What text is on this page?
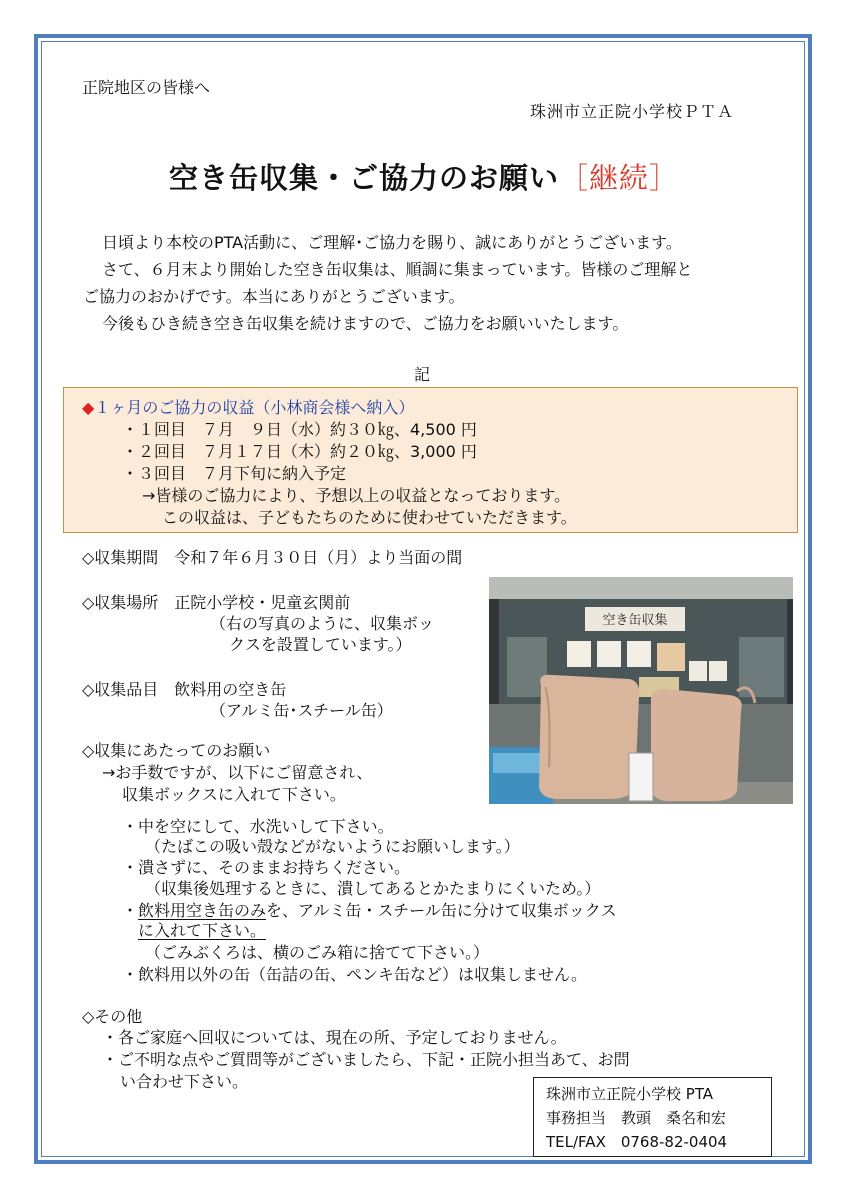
正院地区の皆様へ
珠洲市立正院小学校ＰＴＡ
空き缶収集・ご協力のお願い［継続］
日頃より本校のPTA活動に、ご理解･ご協力を賜り、誠にありがとうございます。
さて、６月末より開始した空き缶収集は、順調に集まっています。皆様のご理解と
ご協力のおかげです。本当にありがとうございます。
今後もひき続き空き缶収集を続けますので、ご協力をお願いいたします。
記
◆１ヶ月のご協力の収益（小林商会様へ納入）
・１回目　７月　９日（水）約３０㎏、4,500 円
・２回目　７月１７日（木）約２０㎏、3,000 円
・３回目　７月下旬に納入予定
→皆様のご協力により、予想以上の収益となっております。
この収益は、子どもたちのために使わせていただきます。
◇収集期間　令和７年６月３０日（月）より当面の間
◇収集場所　正院小学校・児童玄関前
（右の写真のように、収集ボッ
クスを設置しています。）
◇収集品目　飲料用の空き缶
（アルミ缶･スチール缶）
◇収集にあたってのお願い
→お手数ですが、以下にご留意され、
収集ボックスに入れて下さい。
・中を空にして、水洗いして下さい。
（たばこの吸い殻などがないようにお願いします。）
・潰さずに、そのままお持ちください。
（収集後処理するときに、潰してあるとかたまりにくいため。）
・飲料用空き缶のみを、アルミ缶・スチール缶に分けて収集ボックス
に入れて下さい。
（ごみぶくろは、横のごみ箱に捨てて下さい。）
・飲料用以外の缶（缶詰の缶、ペンキ缶など）は収集しません。
◇その他
・各ご家庭へ回収については、現在の所、予定しておりません。
・ご不明な点やご質問等がございましたら、下記・正院小担当あて、お問
い合わせ下さい。
空き缶収集
珠洲市立正院小学校 PTA
事務担当　教頭　桑名和宏
TEL/FAX　0768-82-0404
